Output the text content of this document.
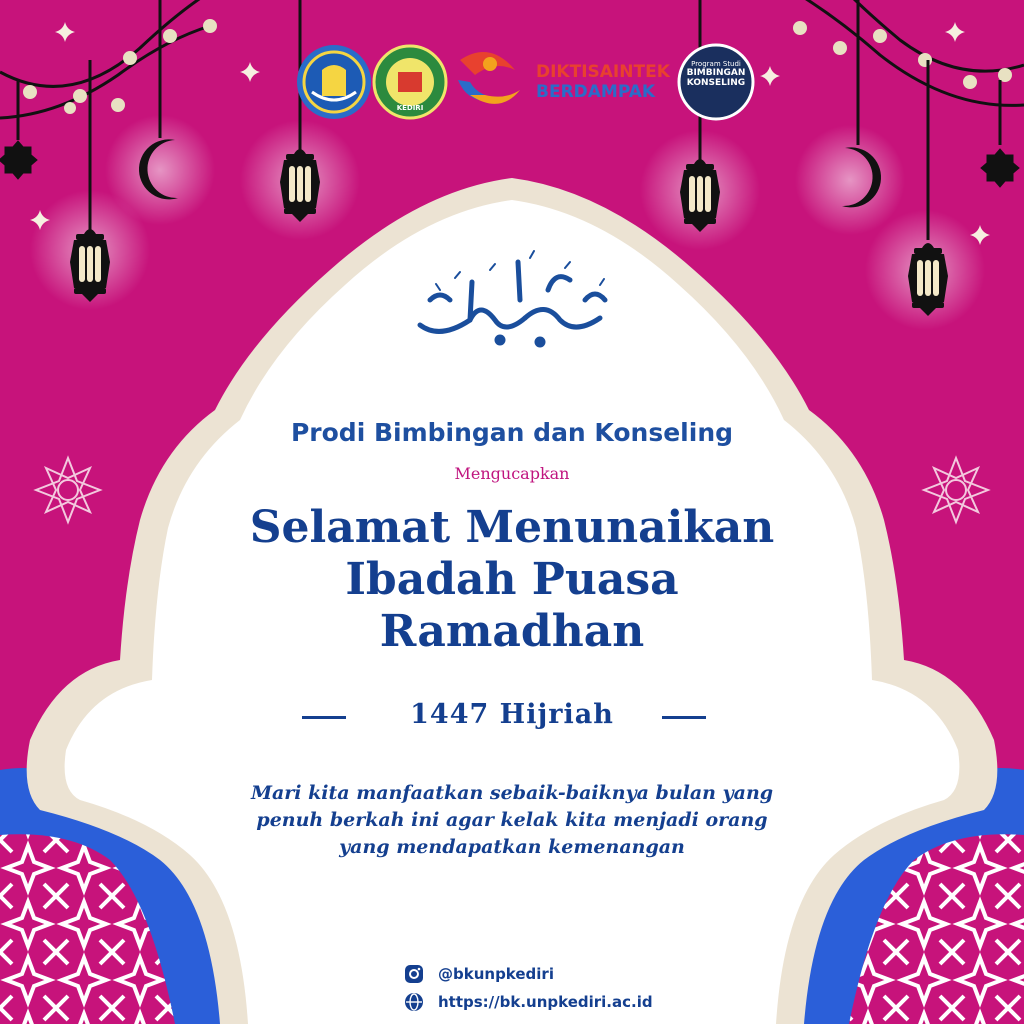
DIKTISAINTEK
BERDAMPAK
KEDIRI
Program Studi
BIMBINGAN
KONSELING

Prodi Bimbingan dan Konseling

Mengucapkan

Selamat Menunaikan

Ibadah Puasa

Ramadhan

1447 Hijriah

Mari kita manfaatkan sebaik-baiknya bulan yang

penuh berkah ini agar kelak kita menjadi orang

yang mendapatkan kemenangan

@bkunpkediri
https://bk.unpkediri.ac.id
